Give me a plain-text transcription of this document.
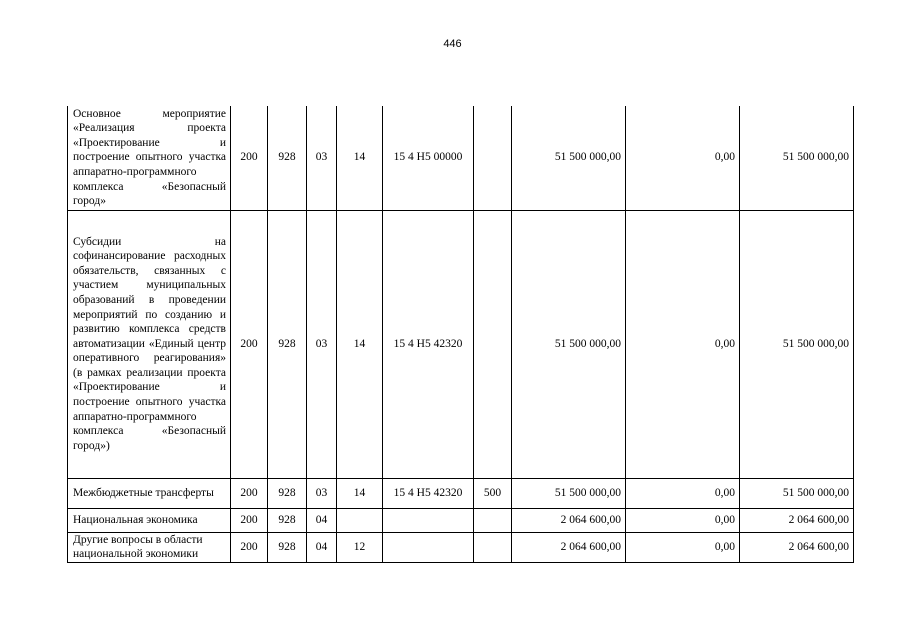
446
Основное мероприятие «Реализация проекта «Проектирование и построение опытного участка аппаратно-программного комплекса «Безопасный город»	200	928	03	14	15 4 Н5 00000		51 500 000,00	0,00	51 500 000,00
Субсидии на софинансирование расходных обязательств, связанных с участием муниципальных образований в проведении мероприятий по созданию и развитию комплекса средств автоматизации «Единый центр оперативного реагирования» (в рамках реализации проекта «Проектирование и построение опытного участка аппаратно-программного комплекса «Безопасный город»)	200	928	03	14	15 4 Н5 42320		51 500 000,00	0,00	51 500 000,00
Межбюджетные трансферты	200	928	03	14	15 4 Н5 42320	500	51 500 000,00	0,00	51 500 000,00
Национальная экономика	200	928	04				2 064 600,00	0,00	2 064 600,00
Другие вопросы в области национальной экономики	200	928	04	12			2 064 600,00	0,00	2 064 600,00
